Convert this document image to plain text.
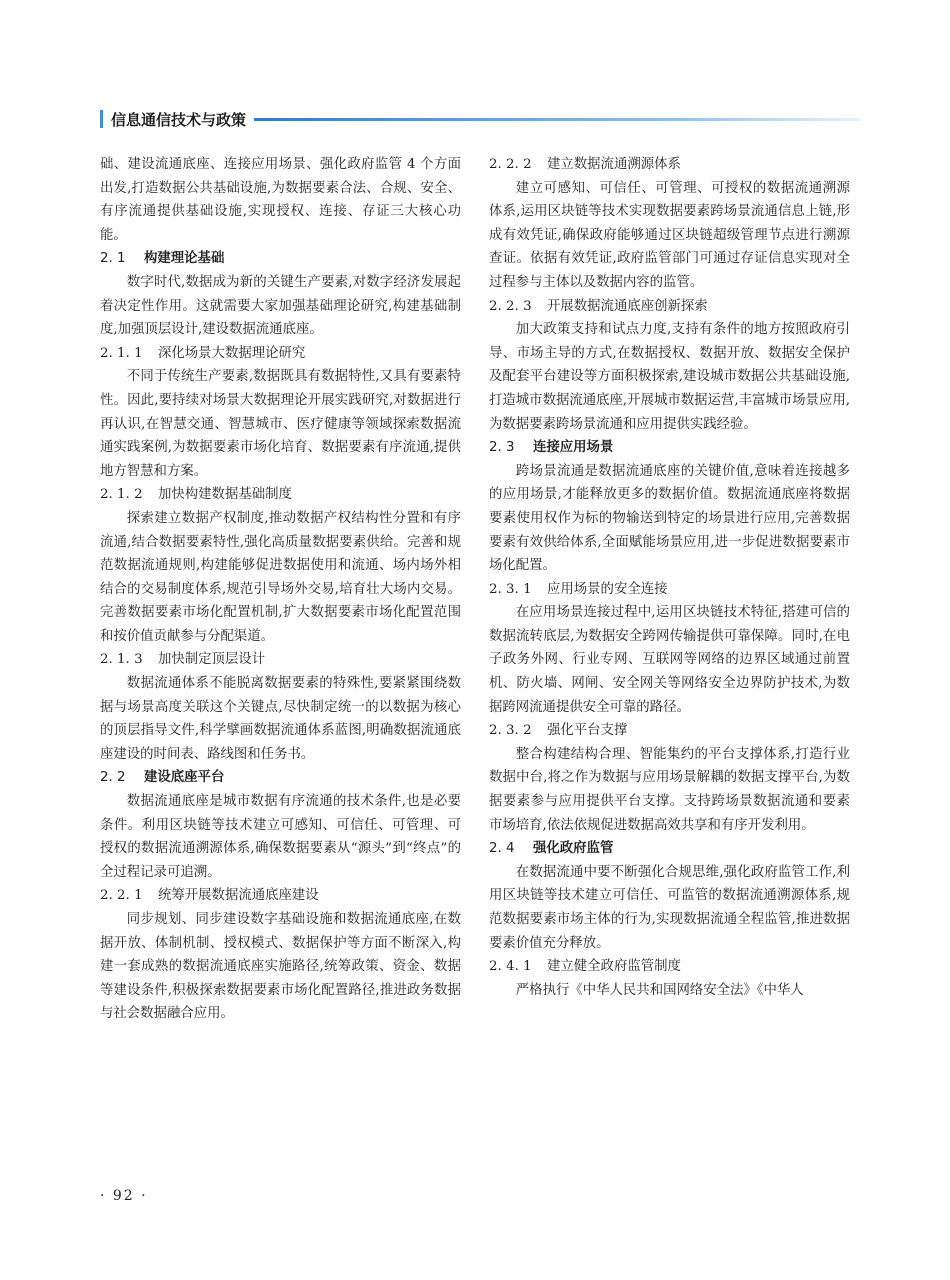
信息通信技术与政策

础、建设流通底座、连接应用场景、强化政府监管 4 个方面出发,打造数据公共基础设施,为数据要素合法、合规、安全、有序流通提供基础设施,实现授权、连接、存证三大核心功能。

2. 1 构建理论基础

数字时代,数据成为新的关键生产要素,对数字经济发展起着决定性作用。这就需要大家加强基础理论研究,构建基础制度,加强顶层设计,建设数据流通底座。

2. 1. 1 深化场景大数据理论研究

不同于传统生产要素,数据既具有数据特性,又具有要素特性。因此,要持续对场景大数据理论开展实践研究,对数据进行再认识,在智慧交通、智慧城市、医疗健康等领域探索数据流通实践案例,为数据要素市场化培育、数据要素有序流通,提供地方智慧和方案。

2. 1. 2 加快构建数据基础制度

探索建立数据产权制度,推动数据产权结构性分置和有序流通,结合数据要素特性,强化高质量数据要素供给。完善和规范数据流通规则,构建能够促进数据使用和流通、场内场外相结合的交易制度体系,规范引导场外交易,培育壮大场内交易。完善数据要素市场化配置机制,扩大数据要素市场化配置范围和按价值贡献参与分配渠道。

2. 1. 3 加快制定顶层设计

数据流通体系不能脱离数据要素的特殊性,要紧紧围绕数据与场景高度关联这个关键点,尽快制定统一的以数据为核心的顶层指导文件,科学擘画数据流通体系蓝图,明确数据流通底座建设的时间表、路线图和任务书。

2. 2 建设底座平台

数据流通底座是城市数据有序流通的技术条件,也是必要条件。利用区块链等技术建立可感知、可信任、可管理、可授权的数据流通溯源体系,确保数据要素从“源头”到“终点”的全过程记录可追溯。

2. 2. 1 统筹开展数据流通底座建设

同步规划、同步建设数字基础设施和数据流通底座,在数据开放、体制机制、授权模式、数据保护等方面不断深入,构建一套成熟的数据流通底座实施路径,统筹政策、资金、数据等建设条件,积极探索数据要素市场化配置路径,推进政务数据与社会数据融合应用。

2. 2. 2 建立数据流通溯源体系

建立可感知、可信任、可管理、可授权的数据流通溯源体系,运用区块链等技术实现数据要素跨场景流通信息上链,形成有效凭证,确保政府能够通过区块链超级管理节点进行溯源查证。依据有效凭证,政府监管部门可通过存证信息实现对全过程参与主体以及数据内容的监管。

2. 2. 3 开展数据流通底座创新探索

加大政策支持和试点力度,支持有条件的地方按照政府引导、市场主导的方式,在数据授权、数据开放、数据安全保护及配套平台建设等方面积极探索,建设城市数据公共基础设施,打造城市数据流通底座,开展城市数据运营,丰富城市场景应用,为数据要素跨场景流通和应用提供实践经验。

2. 3 连接应用场景

跨场景流通是数据流通底座的关键价值,意味着连接越多的应用场景,才能释放更多的数据价值。数据流通底座将数据要素使用权作为标的物输送到特定的场景进行应用,完善数据要素有效供给体系,全面赋能场景应用,进一步促进数据要素市场化配置。

2. 3. 1 应用场景的安全连接

在应用场景连接过程中,运用区块链技术特征,搭建可信的数据流转底层,为数据安全跨网传输提供可靠保障。同时,在电子政务外网、行业专网、互联网等网络的边界区域通过前置机、防火墙、网闸、安全网关等网络安全边界防护技术,为数据跨网流通提供安全可靠的路径。

2. 3. 2 强化平台支撑

整合构建结构合理、智能集约的平台支撑体系,打造行业数据中台,将之作为数据与应用场景解耦的数据支撑平台,为数据要素参与应用提供平台支撑。支持跨场景数据流通和要素市场培育,依法依规促进数据高效共享和有序开发利用。

2. 4 强化政府监管

在数据流通中要不断强化合规思维,强化政府监管工作,利用区块链等技术建立可信任、可监管的数据流通溯源体系,规范数据要素市场主体的行为,实现数据流通全程监管,推进数据要素价值充分释放。

2. 4. 1 建立健全政府监管制度

严格执行《中华人民共和国网络安全法》《中华人

· 92 ·
